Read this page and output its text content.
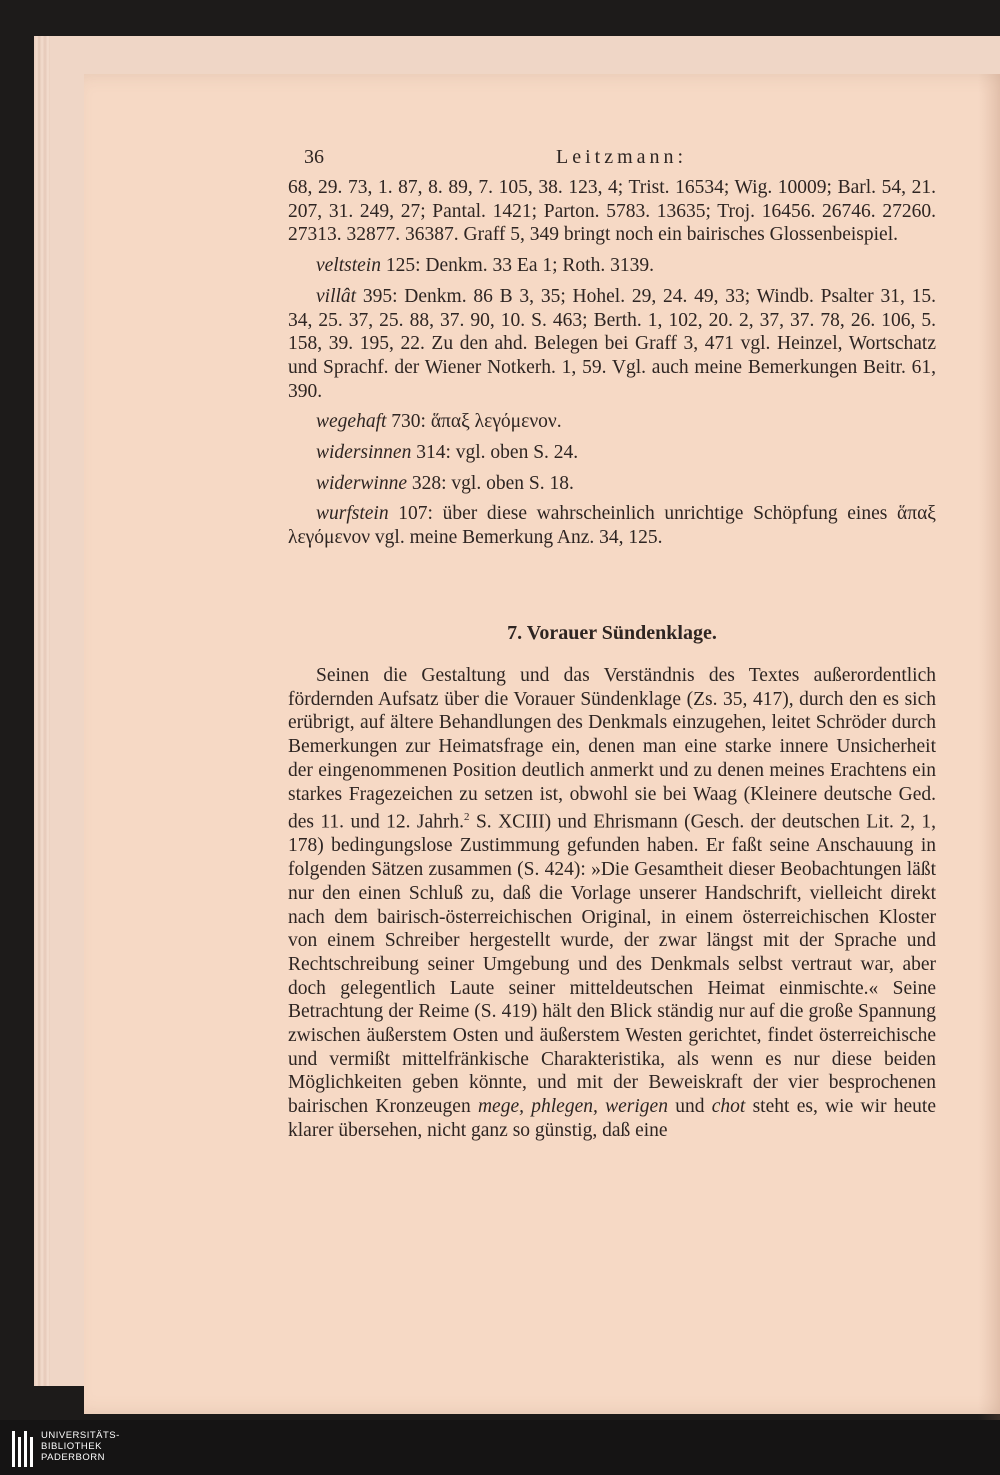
36	Leitzmann:

68, 29. 73, 1. 87, 8. 89, 7. 105, 38. 123, 4; Trist. 16534; Wig. 10009; Barl. 54, 21. 207, 31. 249, 27; Pantal. 1421; Parton. 5783. 13635; Troj. 16456. 26746. 27260. 27313. 32877. 36387. Graff 5, 349 bringt noch ein bairisches Glossenbeispiel.

veltstein 125: Denkm. 33 Ea 1; Roth. 3139.

villât 395: Denkm. 86 B 3, 35; Hohel. 29, 24. 49, 33; Windb. Psalter 31, 15. 34, 25. 37, 25. 88, 37. 90, 10. S. 463; Berth. 1, 102, 20. 2, 37, 37. 78, 26. 106, 5. 158, 39. 195, 22. Zu den ahd. Belegen bei Graff 3, 471 vgl. Heinzel, Wortschatz und Sprachf. der Wiener Notkerh. 1, 59. Vgl. auch meine Bemerkungen Beitr. 61, 390.

wegehaft 730: ἅπαξ λεγόμενον.

widersinnen 314: vgl. oben S. 24.

widerwinne 328: vgl. oben S. 18.

wurfstein 107: über diese wahrscheinlich unrichtige Schöpfung eines ἅπαξ λεγόμενον vgl. meine Bemerkung Anz. 34, 125.

7. Vorauer Sündenklage.

Seinen die Gestaltung und das Verständnis des Textes außerordentlich fördernden Aufsatz über die Vorauer Sündenklage (Zs. 35, 417), durch den es sich erübrigt, auf ältere Behandlungen des Denkmals einzugehen, leitet Schröder durch Bemerkungen zur Heimatsfrage ein, denen man eine starke innere Unsicherheit der eingenommenen Position deutlich anmerkt und zu denen meines Erachtens ein starkes Fragezeichen zu setzen ist, obwohl sie bei Waag (Kleinere deutsche Ged. des 11. und 12. Jahrh.$^2$ S. XCIII) und Ehrismann (Gesch. der deutschen Lit. 2, 1, 178) bedingungslose Zustimmung gefunden haben. Er faßt seine Anschauung in folgenden Sätzen zusammen (S. 424): »Die Gesamtheit dieser Beobachtungen läßt nur den einen Schluß zu, daß die Vorlage unserer Handschrift, vielleicht direkt nach dem bairisch-österreichischen Original, in einem österreichischen Kloster von einem Schreiber hergestellt wurde, der zwar längst mit der Sprache und Rechtschreibung seiner Umgebung und des Denkmals selbst vertraut war, aber doch gelegentlich Laute seiner mitteldeutschen Heimat einmischte.« Seine Betrachtung der Reime (S. 419) hält den Blick ständig nur auf die große Spannung zwischen äußerstem Osten und äußerstem Westen gerichtet, findet österreichische und vermißt mittelfränkische Charakteristika, als wenn es nur diese beiden Möglichkeiten geben könnte, und mit der Beweiskraft der vier besprochenen bairischen Kronzeugen mege, phlegen, werigen und chot steht es, wie wir heute klarer übersehen, nicht ganz so günstig, daß eine

UNIVERSITÄTS-
BIBLIOTHEK
PADERBORN
